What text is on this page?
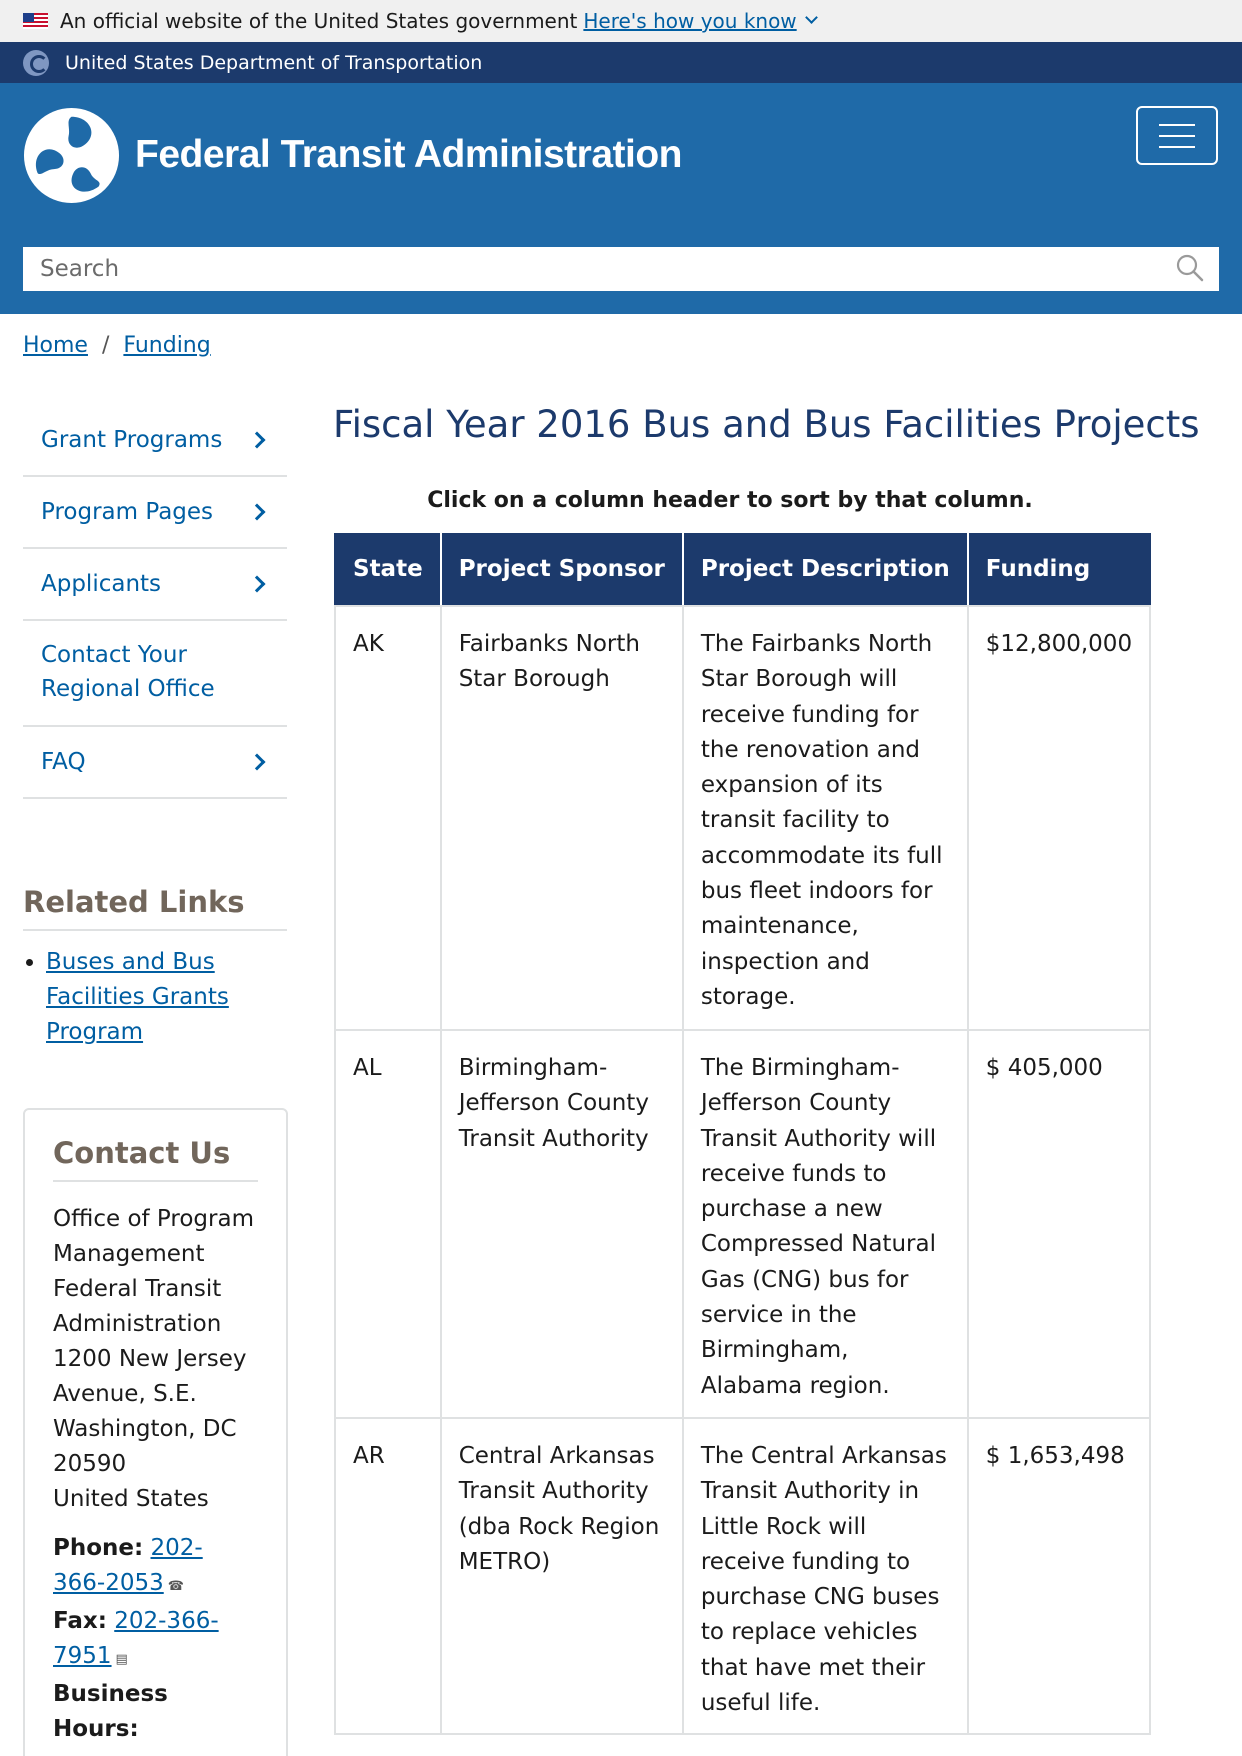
An official website of the United States government Here's how you know
United States Department of Transportation
Federal Transit Administration
Search
Home / Funding
Grant Programs
Program Pages
Applicants
Contact Your
Regional Office
FAQ
Related Links
• Buses and Bus Facilities Grants Program
Contact Us
Office of Program
Management
Federal Transit
Administration
1200 New Jersey
Avenue, S.E.
Washington, DC
20590
United States
Phone: 202-366-2053 ☎
Fax: 202-366-7951 ▤
Business Hours:
Fiscal Year 2016 Bus and Bus Facilities Projects
Click on a column header to sort by that column.
State	Project Sponsor	Project Description	Funding
AK	Fairbanks North Star Borough	The Fairbanks North Star Borough will receive funding for the renovation and expansion of its transit facility to accommodate its full bus fleet indoors for maintenance, inspection and storage.	$12,800,000
AL	Birmingham-Jefferson County Transit Authority	The Birmingham-Jefferson County Transit Authority will receive funds to purchase a new Compressed Natural Gas (CNG) bus for service in the Birmingham, Alabama region.	$ 405,000
AR	Central Arkansas Transit Authority (dba Rock Region METRO)	The Central Arkansas Transit Authority in Little Rock will receive funding to purchase CNG buses to replace vehicles that have met their useful life.	$ 1,653,498
